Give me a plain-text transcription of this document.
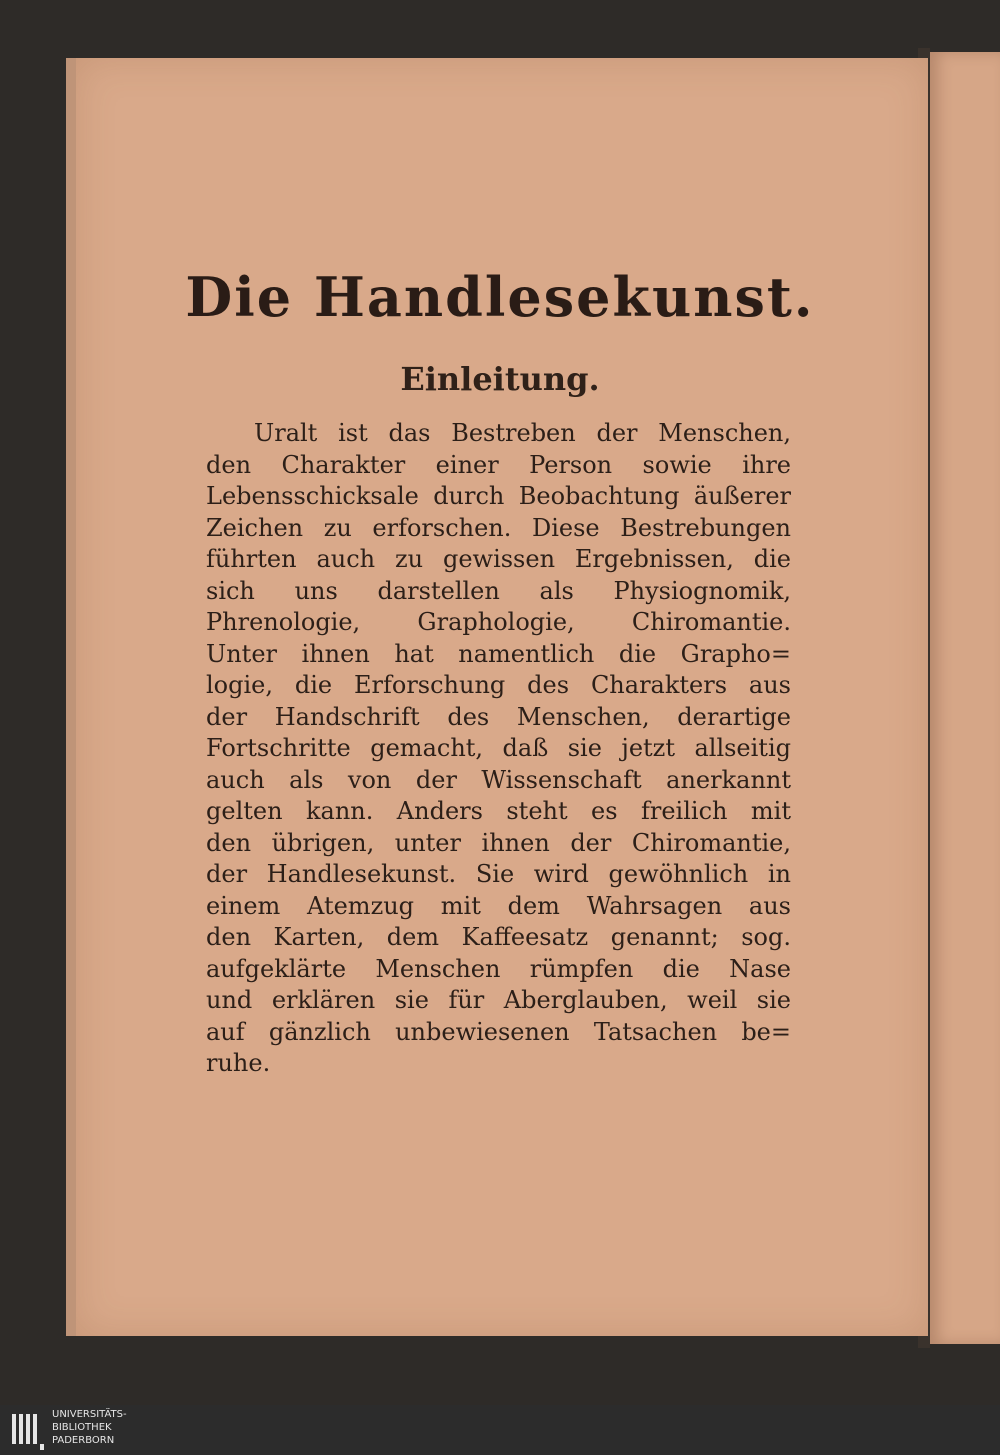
Die Handlesekunst.
Einleitung.
Uralt ist das Bestreben der Menschen,
den Charakter einer Person sowie ihre
Lebensschicksale durch Beobachtung äußerer
Zeichen zu erforschen. Diese Bestrebungen
führten auch zu gewissen Ergebnissen, die
sich uns darstellen als Physiognomik,
Phrenologie, Graphologie, Chiromantie.
Unter ihnen hat namentlich die Grapho=
logie, die Erforschung des Charakters aus
der Handschrift des Menschen, derartige
Fortschritte gemacht, daß sie jetzt allseitig
auch als von der Wissenschaft anerkannt
gelten kann. Anders steht es freilich mit
den übrigen, unter ihnen der Chiromantie,
der Handlesekunst. Sie wird gewöhnlich in
einem Atemzug mit dem Wahrsagen aus
den Karten, dem Kaffeesatz genannt; sog.
aufgeklärte Menschen rümpfen die Nase
und erklären sie für Aberglauben, weil sie
auf gänzlich unbewiesenen Tatsachen be=
ruhe.
UNIVERSITÄTS-
BIBLIOTHEK
PADERBORN
